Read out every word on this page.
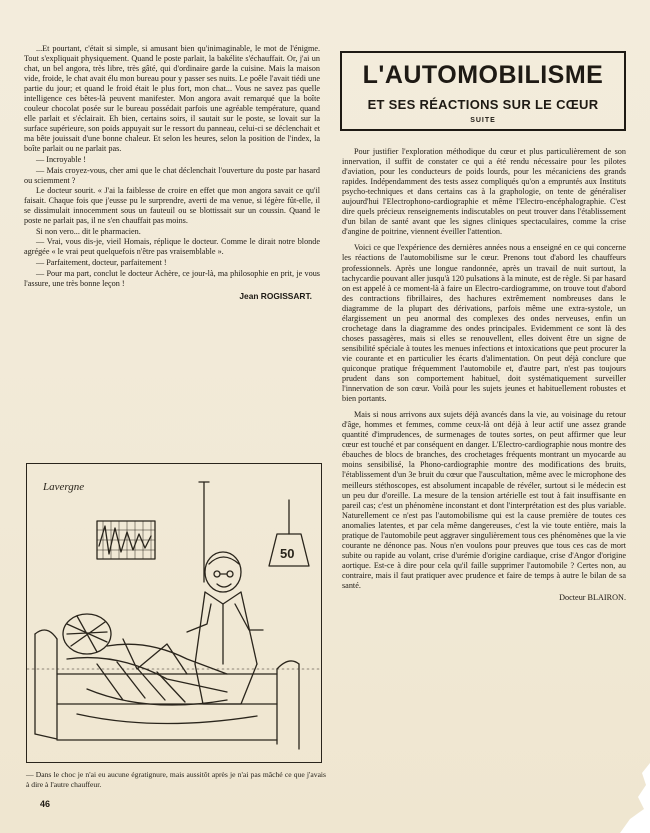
...Et pourtant, c'était si simple, si amusant bien qu'inimaginable, le mot de l'énigme. Tout s'expliquait physiquement. Quand le poste parlait, la bakélite s'échauffait. Or, j'ai un chat, un bel angora, très libre, très gâté, qui d'ordinaire garde la cuisine. Mais la maison vide, froide, le chat avait élu mon bureau pour y passer ses nuits. Le poêle l'avait tiédi une partie du jour; et quand le froid était le plus fort, mon chat... Vous ne savez pas quelle intelligence ces bêtes-là peuvent manifester. Mon angora avait remarqué que la boîte couleur chocolat posée sur le bureau possédait parfois une agréable température, quand elle parlait et s'éclairait. Eh bien, certains soirs, il sautait sur le poste, se lovait sur la surface supérieure, son poids appuyait sur le ressort du panneau, celui-ci se déclenchait et ma bête jouissait d'une bonne chaleur. Et selon les heures, selon la position de l'index, la boîte parlait ou ne parlait pas.

— Incroyable !

— Mais croyez-vous, cher ami que le chat déclenchait l'ouverture du poste par hasard ou sciemment ?

Le docteur sourit. « J'ai la faiblesse de croire en effet que mon angora savait ce qu'il faisait. Chaque fois que j'eusse pu le surprendre, averti de ma venue, si légère fût-elle, il se dissimulait innocemment sous un fauteuil ou se blottissait sur un coussin. Quand le poste ne parlait pas, il ne s'en chauffait pas moins.

Si non vero... dit le pharmacien.

— Vrai, vous dis-je, vieil Homais, réplique le docteur. Comme le dirait notre blonde agrégée « le vrai peut quelquefois n'être pas vraisemblable ».

— Parfaitement, docteur, parfaitement !

— Pour ma part, conclut le docteur Achère, ce jour-là, ma philosophie en prit, je vous l'assure, une très bonne leçon !

Jean ROGISSART.
L'AUTOMOBILISME
ET SES RÉACTIONS SUR LE CŒUR
SUITE

Pour justifier l'exploration méthodique du cœur et plus particulièrement de son innervation, il suffit de constater ce qui a été rendu nécessaire pour les pilotes d'aviation, pour les conducteurs de poids lourds, pour les mécaniciens des grands rapides. Indépendamment des tests assez compliqués qu'on a empruntés aux Instituts psycho-techniques et dans certains cas à la graphologie, on tente de généraliser aujourd'hui l'Electrophono-cardiographie et même l'Electro-encéphalographie. C'est dire quels précieux renseignements indiscutables on peut trouver dans l'établissement d'un bilan de santé avant que les signes cliniques spectaculaires, comme la crise d'angine de poitrine, viennent éveiller l'attention.

Voici ce que l'expérience des dernières années nous a enseigné en ce qui concerne les réactions de l'automobilisme sur le cœur. Prenons tout d'abord les chauffeurs professionnels. Après une longue randonnée, après un travail de nuit surtout, la tachycardie pouvant aller jusqu'à 120 pulsations à la minute, est de règle. Si par hasard on est appelé à ce moment-là à faire un Electro-cardiogramme, on trouve tout d'abord des contractions fibrillaires, des hachures extrêmement nombreuses dans le diagramme de la plupart des dérivations, parfois même une extra-systole, un élargissement un peu anormal des complexes des ondes nerveuses, enfin un crochetage dans la diagramme des ondes principales. Evidemment ce sont là des choses passagères, mais si elles se renouvellent, elles doivent être un signe de sensibilité spéciale à toutes les menues infections et intoxications que peut procurer la vie courante et en particulier les écarts d'alimentation. On peut déjà conclure que quiconque pratique fréquemment l'automobile et, d'autre part, n'est pas toujours prudent dans son comportement habituel, doit systématiquement surveiller l'innervation de son cœur. Voilà pour les sujets jeunes et habituellement robustes et bien portants.

Mais si nous arrivons aux sujets déjà avancés dans la vie, au voisinage du retour d'âge, hommes et femmes, comme ceux-là ont déjà à leur actif une assez grande quantité d'imprudences, de surmenages de toutes sortes, on peut affirmer que leur cœur est touché et par conséquent en danger. L'Electro-cardiographie nous montre des ébauches de blocs de branches, des crochetages fréquents montrant un myocarde au moins sensibilisé, la Phono-cardiographie montre des modifications des bruits, l'établissement d'un 3e bruit du cœur que l'auscultation, même avec le microphone des meilleurs stéthoscopes, est absolument incapable de révéler, surtout si le médecin est un peu dur d'oreille. La mesure de la tension artérielle est tout à fait insuffisante en pareil cas; c'est un phénomène inconstant et dont l'interprétation est des plus variable. Naturellement ce n'est pas l'automobilisme qui est la cause première de toutes ces anomalies latentes, et par cela même dangereuses, c'est la vie toute entière, mais la pratique de l'automobile peut aggraver singulièrement tous ces phénomènes que la vie courante ne dénonce pas. Nous n'en voulons pour preuves que tous ces cas de mort subite ou rapide au volant, crise d'urémie d'origine cardiaque, crise d'Angor d'origine aortique. Est-ce à dire pour cela qu'il faille supprimer l'automobile ? Certes non, au contraire, mais il faut pratiquer avec prudence et faire de temps à autre le bilan de sa santé.

Docteur BLAIRON.
Lavergne
50
— Dans le choc je n'ai eu aucune égratignure, mais aussitôt après je n'ai pas mâché ce que j'avais à dire à l'autre chauffeur.
46
